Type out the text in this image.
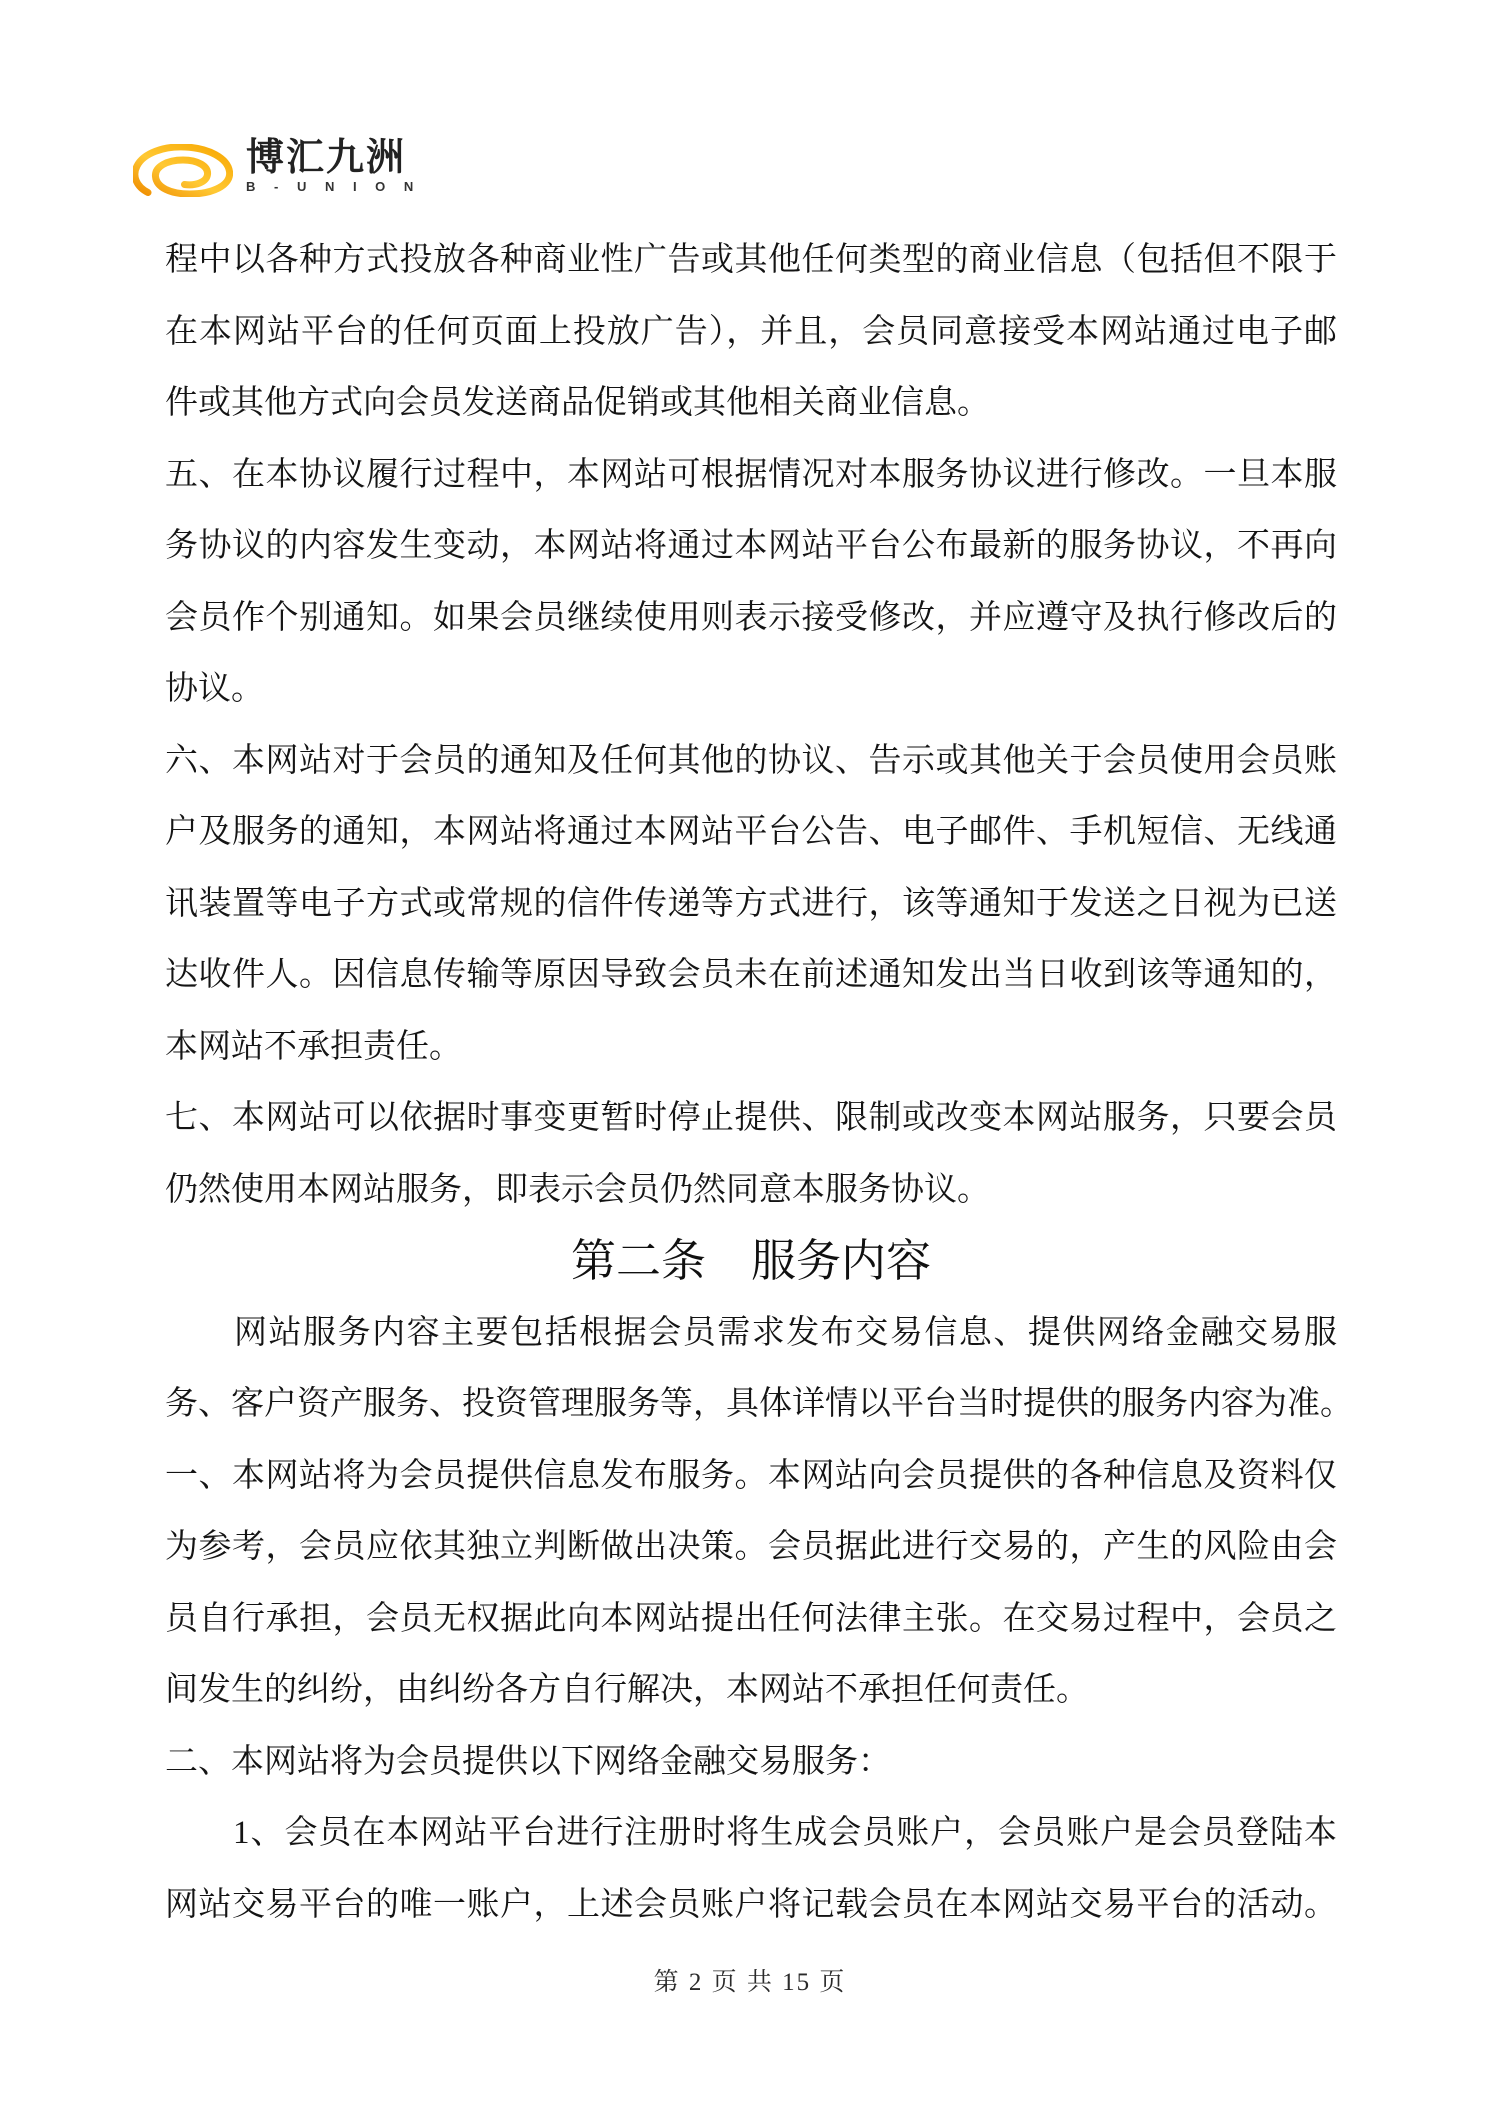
博汇九洲
B - U N I O N
程中以各种方式投放各种商业性广告或其他任何类型的商业信息（包括但不限于
在本网站平台的任何页面上投放广告），并且，会员同意接受本网站通过电子邮
件或其他方式向会员发送商品促销或其他相关商业信息。
五、在本协议履行过程中，本网站可根据情况对本服务协议进行修改。一旦本服
务协议的内容发生变动，本网站将通过本网站平台公布最新的服务协议，不再向
会员作个别通知。如果会员继续使用则表示接受修改，并应遵守及执行修改后的
协议。
六、本网站对于会员的通知及任何其他的协议、告示或其他关于会员使用会员账
户及服务的通知，本网站将通过本网站平台公告、电子邮件、手机短信、无线通
讯装置等电子方式或常规的信件传递等方式进行，该等通知于发送之日视为已送
达收件人。因信息传输等原因导致会员未在前述通知发出当日收到该等通知的，
本网站不承担责任。
七、本网站可以依据时事变更暂时停止提供、限制或改变本网站服务，只要会员
仍然使用本网站服务，即表示会员仍然同意本服务协议。
第二条　服务内容
　　网站服务内容主要包括根据会员需求发布交易信息、提供网络金融交易服
务、客户资产服务、投资管理服务等，具体详情以平台当时提供的服务内容为准。
一、本网站将为会员提供信息发布服务。本网站向会员提供的各种信息及资料仅
为参考，会员应依其独立判断做出决策。会员据此进行交易的，产生的风险由会
员自行承担，会员无权据此向本网站提出任何法律主张。在交易过程中，会员之
间发生的纠纷，由纠纷各方自行解决，本网站不承担任何责任。
二、本网站将为会员提供以下网络金融交易服务：
　　1、会员在本网站平台进行注册时将生成会员账户，会员账户是会员登陆本
网站交易平台的唯一账户，上述会员账户将记载会员在本网站交易平台的活动。
第 2 页 共 15 页
